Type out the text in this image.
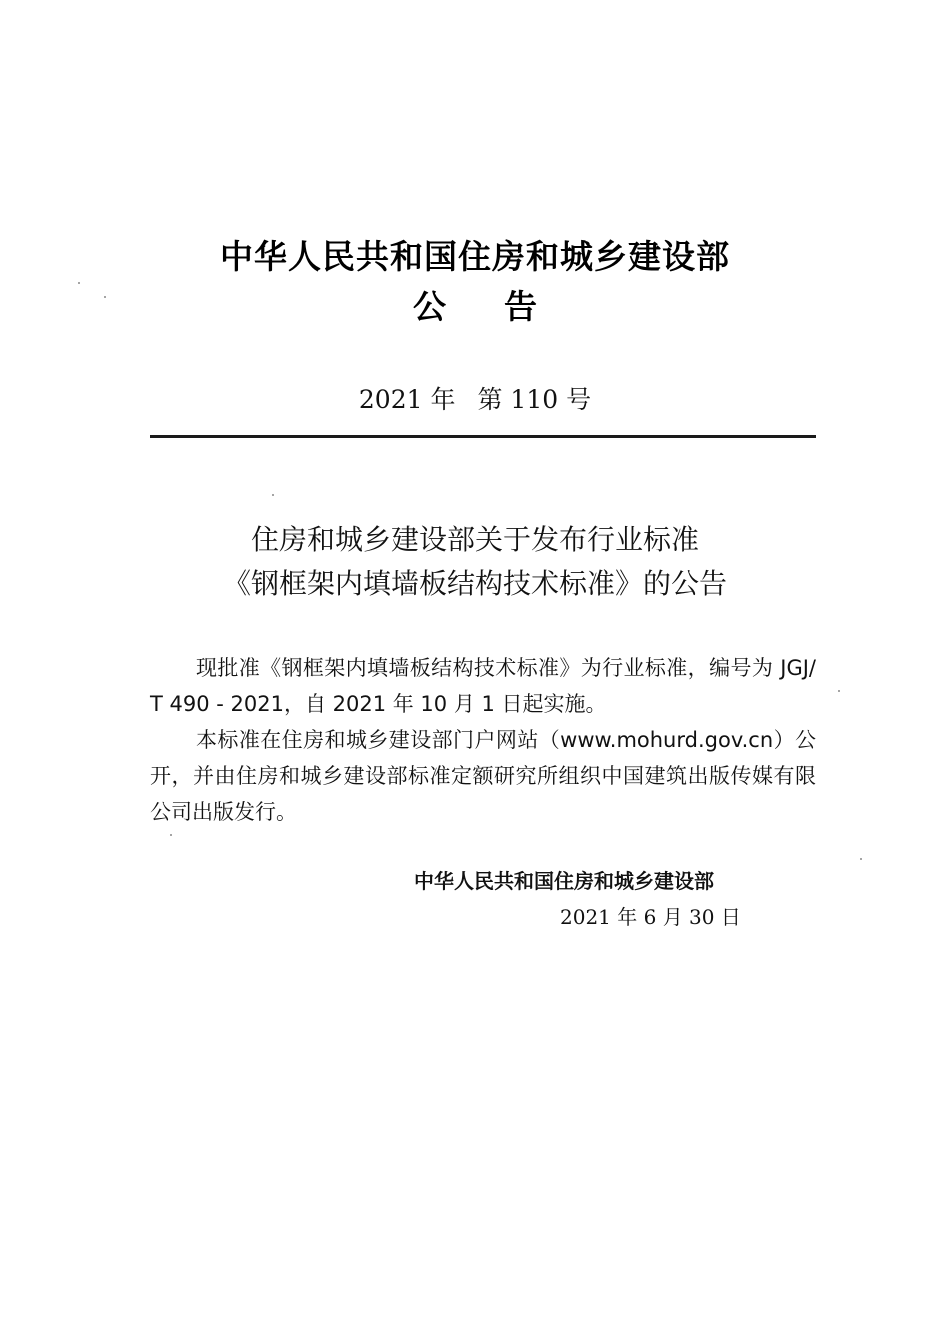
中华人民共和国住房和城乡建设部
公 告
2021 年 第 110 号
住房和城乡建设部关于发布行业标准
《钢框架内填墙板结构技术标准》的公告

现批准《钢框架内填墙板结构技术标准》为行业标准，编号为 JGJ/T 490 - 2021，自 2021 年 10 月 1 日起实施。

本标准在住房和城乡建设部门户网站（www.mohurd.gov.cn）公开，并由住房和城乡建设部标准定额研究所组织中国建筑出版传媒有限公司出版发行。

中华人民共和国住房和城乡建设部
2021 年 6 月 30 日
